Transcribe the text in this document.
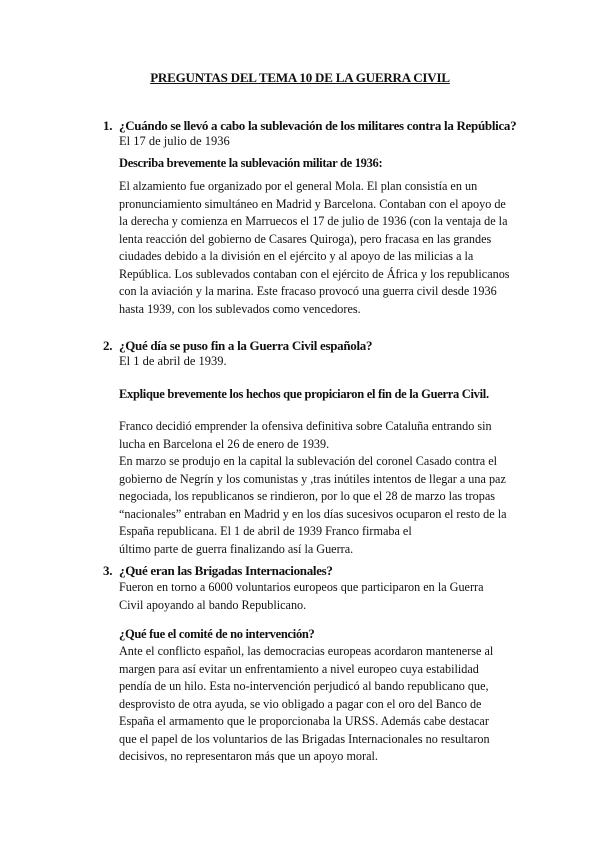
PREGUNTAS DEL TEMA 10 DE LA GUERRA CIVIL
1. ¿Cuándo se llevó a cabo la sublevación de los militares contra la República?
El 17 de julio de 1936
Describa brevemente la sublevación militar de 1936:
El alzamiento fue organizado por el general Mola. El plan consistía en un
pronunciamiento simultáneo en Madrid y Barcelona. Contaban con el apoyo de
la derecha y comienza en Marruecos el 17 de julio de 1936 (con la ventaja de la
lenta reacción del gobierno de Casares Quiroga), pero fracasa en las grandes
ciudades debido a la división en el ejército y al apoyo de las milicias a la
República. Los sublevados contaban con el ejército de África y los republicanos
con la aviación y la marina. Este fracaso provocó una guerra civil desde 1936
hasta 1939, con los sublevados como vencedores.
2. ¿Qué día se puso fin a la Guerra Civil española?
El 1 de abril de 1939.
Explique brevemente los hechos que propiciaron el fin de la Guerra Civil.
Franco decidió emprender la ofensiva definitiva sobre Cataluña entrando sin
lucha en Barcelona el 26 de enero de 1939.
En marzo se produjo en la capital la sublevación del coronel Casado contra el
gobierno de Negrín y los comunistas y ,tras inútiles intentos de llegar a una paz
negociada, los republicanos se rindieron, por lo que el 28 de marzo las tropas
“nacionales” entraban en Madrid y en los días sucesivos ocuparon el resto de la
España republicana. El 1 de abril de 1939 Franco firmaba el
último parte de guerra finalizando así la Guerra.
3. ¿Qué eran las Brigadas Internacionales?
Fueron en torno a 6000 voluntarios europeos que participaron en la Guerra
Civil apoyando al bando Republicano.
¿Qué fue el comité de no intervención?
Ante el conflicto español, las democracias europeas acordaron mantenerse al
margen para así evitar un enfrentamiento a nivel europeo cuya estabilidad
pendía de un hilo. Esta no-intervención perjudicó al bando republicano que,
desprovisto de otra ayuda, se vio obligado a pagar con el oro del Banco de
España el armamento que le proporcionaba la URSS. Además cabe destacar
que el papel de los voluntarios de las Brigadas Internacionales no resultaron
decisivos, no representaron más que un apoyo moral.
